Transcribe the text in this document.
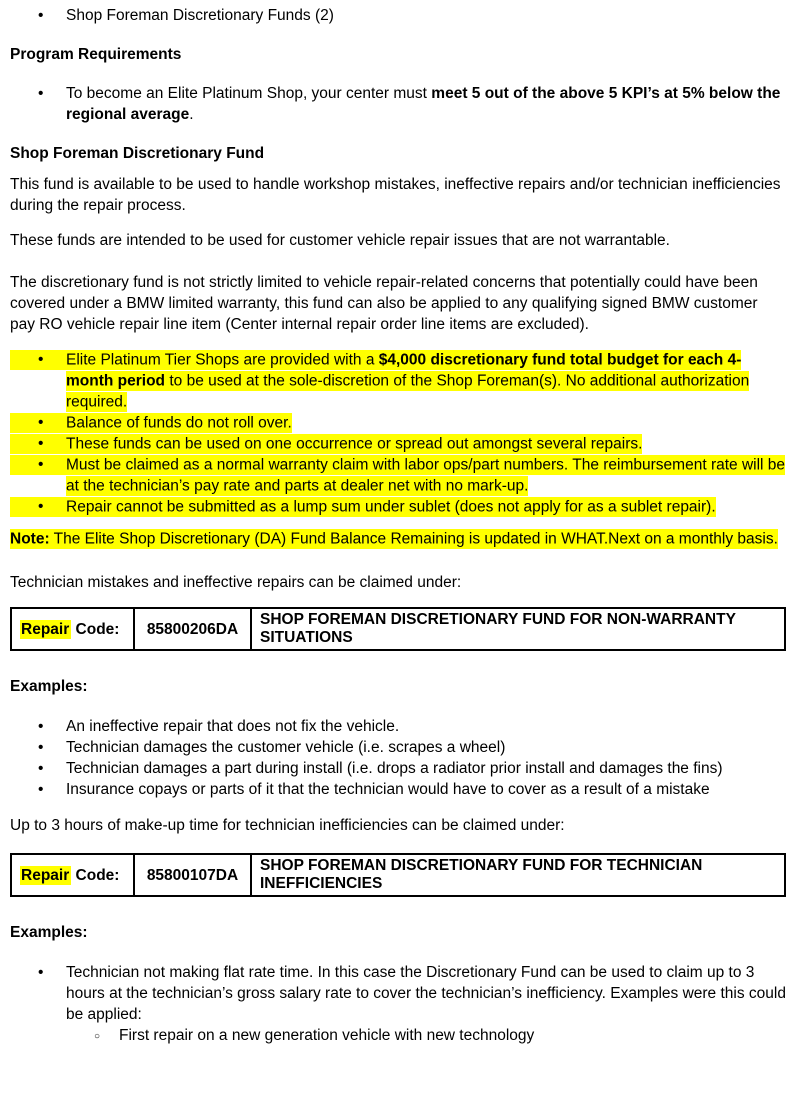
•Shop Foreman Discretionary Funds (2)
Program Requirements
•To become an Elite Platinum Shop, your center must meet 5 out of the above 5 KPI’s at 5% below the regional average.
Shop Foreman Discretionary Fund

This fund is available to be used to handle workshop mistakes, ineffective repairs and/or technician inefficiencies during the repair process.

These funds are intended to be used for customer vehicle repair issues that are not warrantable.

The discretionary fund is not strictly limited to vehicle repair-related concerns that potentially could have been covered under a BMW limited warranty, this fund can also be applied to any qualifying signed BMW customer pay RO vehicle repair line item (Center internal repair order line items are excluded).

•Elite Platinum Tier Shops are provided with a $4,000 discretionary fund total budget for each 4-month period to be used at the sole-discretion of the Shop Foreman(s). No additional authorization required.
•Balance of funds do not roll over.
•These funds can be used on one occurrence or spread out amongst several repairs.
•Must be claimed as a normal warranty claim with labor ops/part numbers. The reimbursement rate will be at the technician’s pay rate and parts at dealer net with no mark-up.
•Repair cannot be submitted as a lump sum under sublet (does not apply for as a sublet repair).

Note: The Elite Shop Discretionary (DA) Fund Balance Remaining is updated in WHAT.Next on a monthly basis.

Technician mistakes and ineffective repairs can be claimed under:

Repair Code:	85800206DA	SHOP FOREMAN DISCRETIONARY FUND FOR NON-WARRANTY SITUATIONS
Examples:
•An ineffective repair that does not fix the vehicle.
•Technician damages the customer vehicle (i.e. scrapes a wheel)
•Technician damages a part during install (i.e. drops a radiator prior install and damages the fins)
•Insurance copays or parts of it that the technician would have to cover as a result of a mistake

Up to 3 hours of make-up time for technician inefficiencies can be claimed under:

Repair Code:	85800107DA	SHOP FOREMAN DISCRETIONARY FUND FOR TECHNICIAN INEFFICIENCIES
Examples:
•Technician not making flat rate time. In this case the Discretionary Fund can be used to claim up to 3 hours at the technician’s gross salary rate to cover the technician’s inefficiency. Examples were this could be applied:
○First repair on a new generation vehicle with new technology
